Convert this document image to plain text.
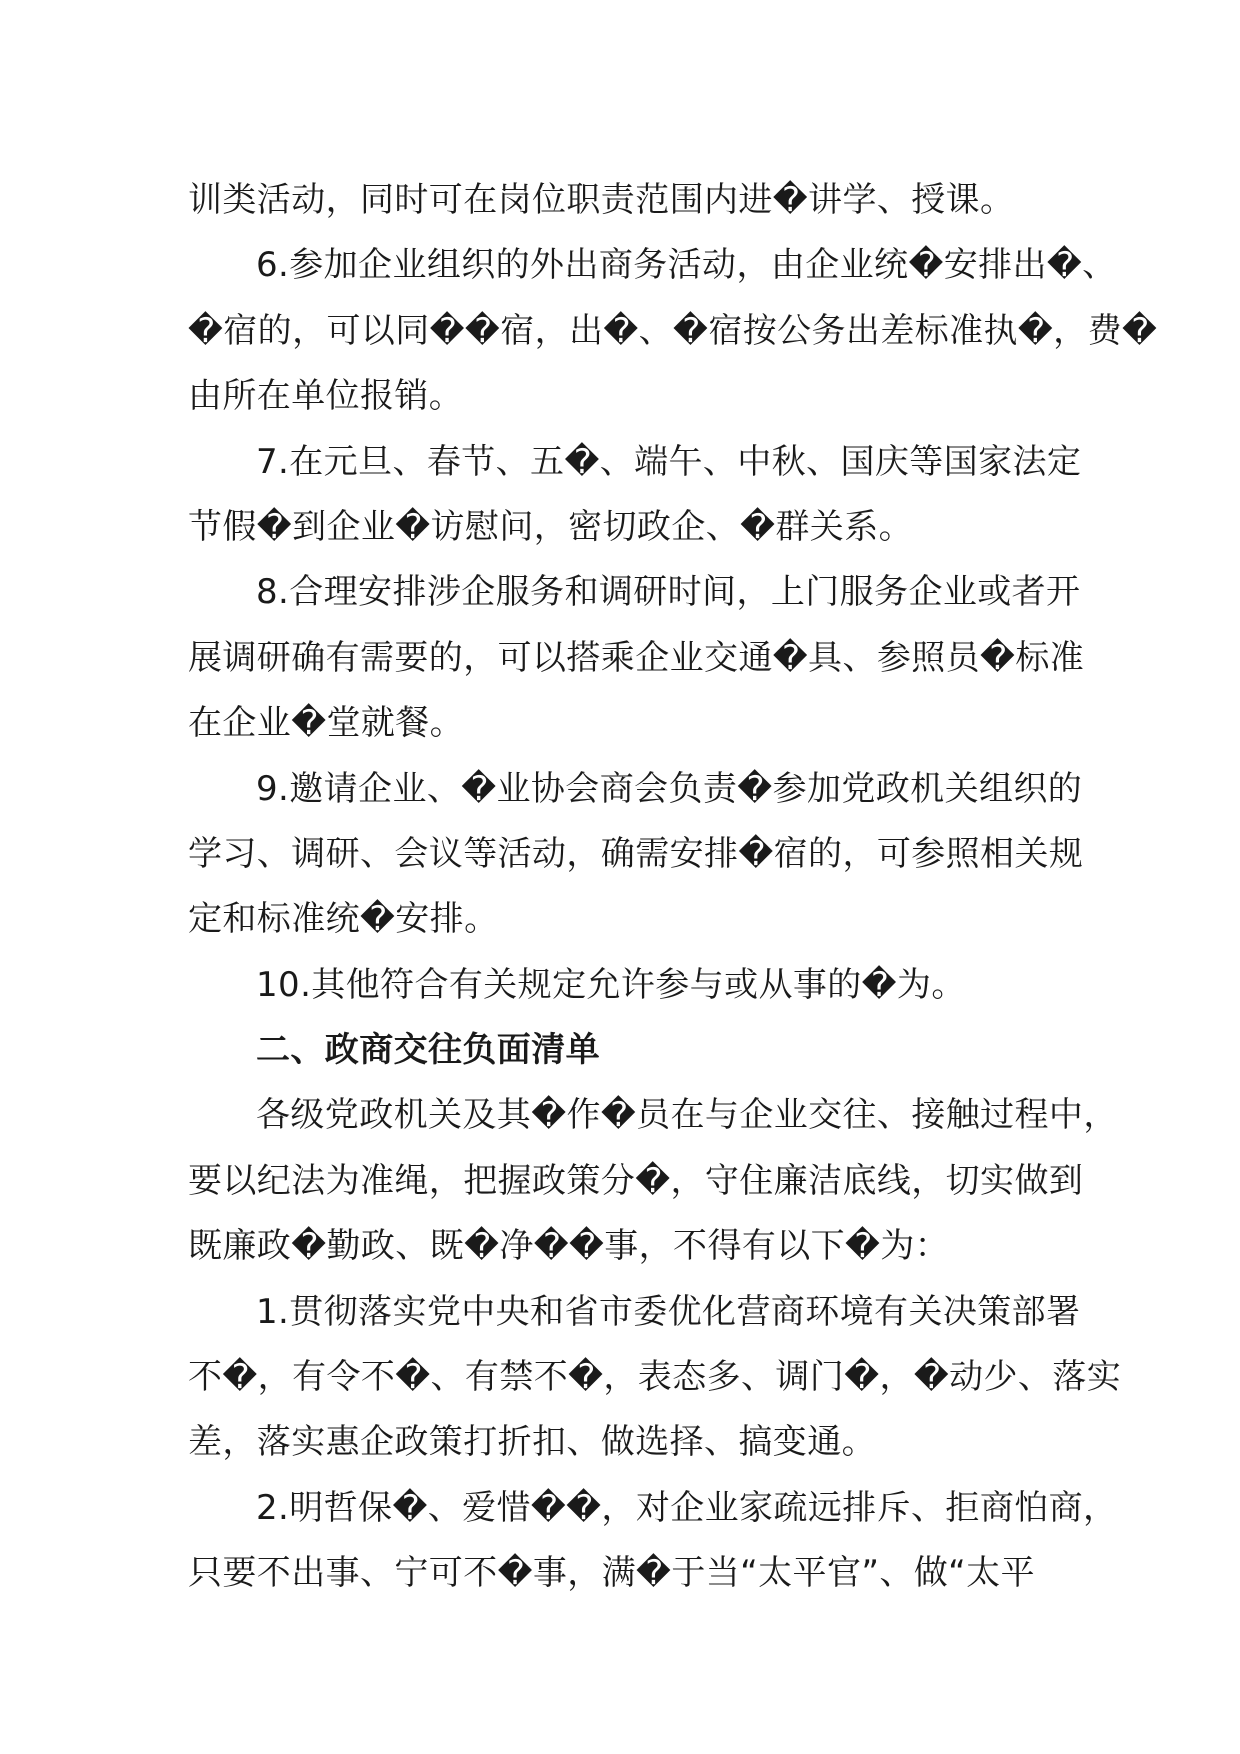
训类活动，同时可在岗位职责范围内进�讲学、授课。
6.参加企业组织的外出商务活动，由企业统�安排出�、
�宿的，可以同��宿，出�、�宿按公务出差标准执�，费�
由所在单位报销。
7.在元旦、春节、五�、端午、中秋、国庆等国家法定
节假�到企业�访慰问，密切政企、�群关系。
8.合理安排涉企服务和调研时间，上门服务企业或者开
展调研确有需要的，可以搭乘企业交通�具、参照员�标准
在企业�堂就餐。
9.邀请企业、�业协会商会负责�参加党政机关组织的
学习、调研、会议等活动，确需安排�宿的，可参照相关规
定和标准统�安排。
10.其他符合有关规定允许参与或从事的�为。
二、政商交往负面清单
各级党政机关及其�作�员在与企业交往、接触过程中，
要以纪法为准绳，把握政策分�，守住廉洁底线，切实做到
既廉政�勤政、既�净��事，不得有以下�为：
1.贯彻落实党中央和省市委优化营商环境有关决策部署
不�，有令不�、有禁不�，表态多、调门�，�动少、落实
差，落实惠企政策打折扣、做选择、搞变通。
2.明哲保�、爱惜��，对企业家疏远排斥、拒商怕商，
只要不出事、宁可不�事，满�于当“太平官”、做“太平
